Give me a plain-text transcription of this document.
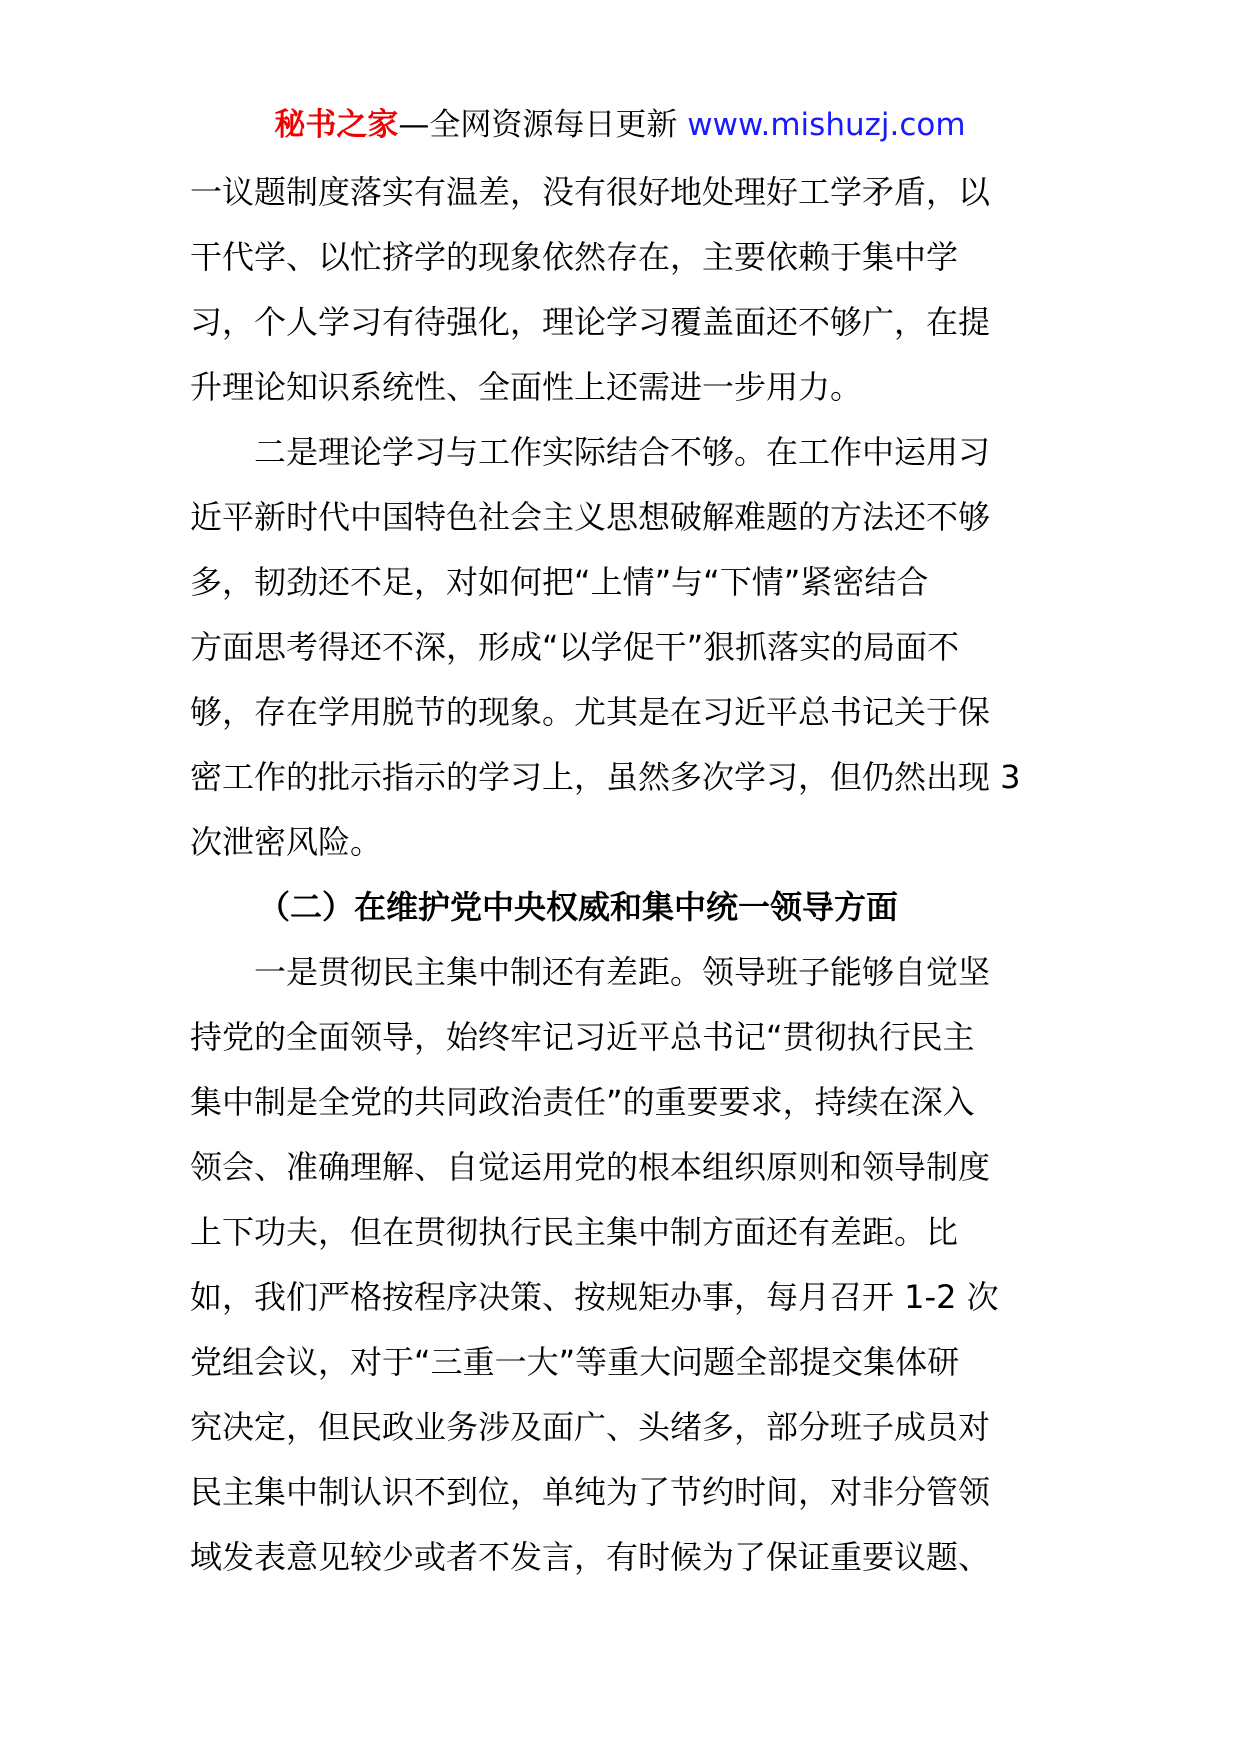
秘书之家—全网资源每日更新 www.mishuzj.com
一议题制度落实有温差，没有很好地处理好工学矛盾，以
干代学、以忙挤学的现象依然存在，主要依赖于集中学
习，个人学习有待强化，理论学习覆盖面还不够广，在提
升理论知识系统性、全面性上还需进一步用力。
　　二是理论学习与工作实际结合不够。在工作中运用习
近平新时代中国特色社会主义思想破解难题的方法还不够
多，韧劲还不足，对如何把“上情”与“下情”紧密结合
方面思考得还不深，形成“以学促干”狠抓落实的局面不
够，存在学用脱节的现象。尤其是在习近平总书记关于保
密工作的批示指示的学习上，虽然多次学习，但仍然出现 3
次泄密风险。
（二）在维护党中央权威和集中统一领导方面
　　一是贯彻民主集中制还有差距。领导班子能够自觉坚
持党的全面领导，始终牢记习近平总书记“贯彻执行民主
集中制是全党的共同政治责任”的重要要求，持续在深入
领会、准确理解、自觉运用党的根本组织原则和领导制度
上下功夫，但在贯彻执行民主集中制方面还有差距。比
如，我们严格按程序决策、按规矩办事，每月召开 1-2 次
党组会议，对于“三重一大”等重大问题全部提交集体研
究决定，但民政业务涉及面广、头绪多，部分班子成员对
民主集中制认识不到位，单纯为了节约时间，对非分管领
域发表意见较少或者不发言，有时候为了保证重要议题、
